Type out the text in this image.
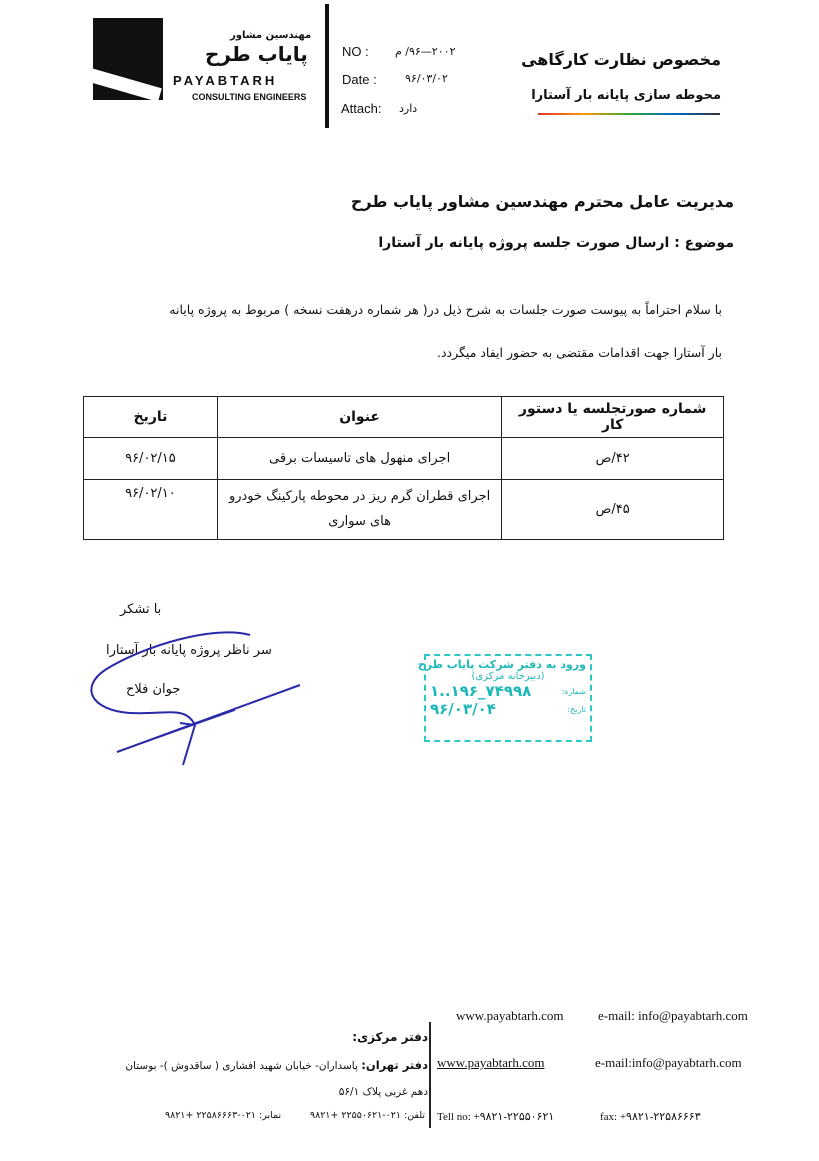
مهندسین مشاور
پایاب طرح
PAYABTARH
CONSULTING ENGINEERS
NO : ۲۰۰۲—۹۶/ م
Date :	۹۶/۰۳/۰۲
Attach: دارد
مخصوص نظارت کارگاهی
محوطه سازی پایانه بار آستارا
مدیریت عامل محترم مهندسین مشاور پایاب طرح
موضوع : ارسال صورت جلسه پروژه پایانه بار آستارا
با سلام احتراماً به پیوست صورت جلسات به شرح ذیل در( هر شماره درهفت نسخه ) مربوط به پروژه پایانه
بار آستارا جهت اقدامات مقتضی به حضور ایفاد میگردد.
شماره صورتجلسه یا دستور کار	عنوان	تاریخ
۴۲/ص	اجرای منهول های تاسیسات برقی	۹۶/۰۲/۱۵
۴۵/ص	اجرای قطران گرم ریز در محوطه پارکینگ خودرو های سواری	۹۶/۰۲/۱۰
با تشکر
سر ناظر پروژه پایانه بار آستارا
جوان فلاح
ورود به دفتر شرکت پایاب طرح
(دبیرخانه مرکزی)
شماره:
۱..۱۹۶_۷۴۹۹۸
تاریخ:
۹۶/۰۳/۰۴
www.payabtarh.com	e-mail: info@payabtarh.com
دفتر مرکزی:
دفتر تهران: پاسداران- خیابان شهید افشاری ( ساقدوش )- بوستان
دهم غربی پلاک ۵۶/۱
تلفن: ۰۲۱-۲۲۵۵۰۶۲۱ +۹۸۲۱
نمابر: ۰۲۱-۲۲۵۸۶۶۶۳ +۹۸۲۱
www.payabtarh.com	e-mail:info@payabtarh.com
Tell no: +۹۸۲۱-۲۲۵۵۰۶۲۱	fax: +۹۸۲۱-۲۲۵۸۶۶۶۳
